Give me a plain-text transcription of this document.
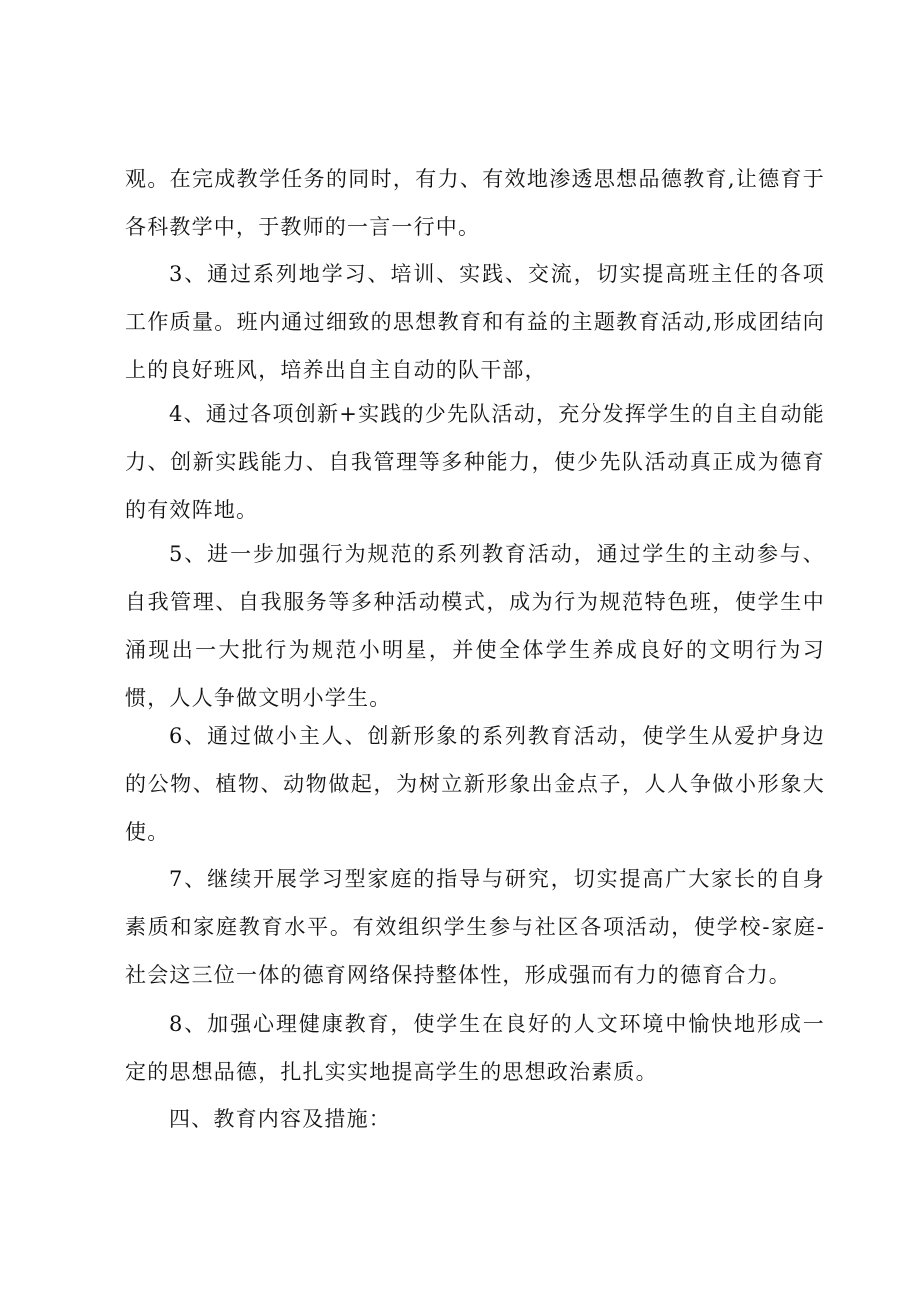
观。在完成教学任务的同时，有力、有效地渗透思想品德教育,让德育于各科教学中，于教师的一言一行中。

3、通过系列地学习、培训、实践、交流，切实提高班主任的各项工作质量。班内通过细致的思想教育和有益的主题教育活动,形成团结向上的良好班风，培养出自主自动的队干部，

4、通过各项创新+实践的少先队活动，充分发挥学生的自主自动能力、创新实践能力、自我管理等多种能力，使少先队活动真正成为德育的有效阵地。

5、进一步加强行为规范的系列教育活动，通过学生的主动参与、自我管理、自我服务等多种活动模式，成为行为规范特色班，使学生中涌现出一大批行为规范小明星，并使全体学生养成良好的文明行为习惯，人人争做文明小学生。

6、通过做小主人、创新形象的系列教育活动，使学生从爱护身边的公物、植物、动物做起，为树立新形象出金点子，人人争做小形象大使。

7、继续开展学习型家庭的指导与研究，切实提高广大家长的自身素质和家庭教育水平。有效组织学生参与社区各项活动，使学校-家庭-社会这三位一体的德育网络保持整体性，形成强而有力的德育合力。

8、加强心理健康教育，使学生在良好的人文环境中愉快地形成一定的思想品德，扎扎实实地提高学生的思想政治素质。

四、教育内容及措施：
